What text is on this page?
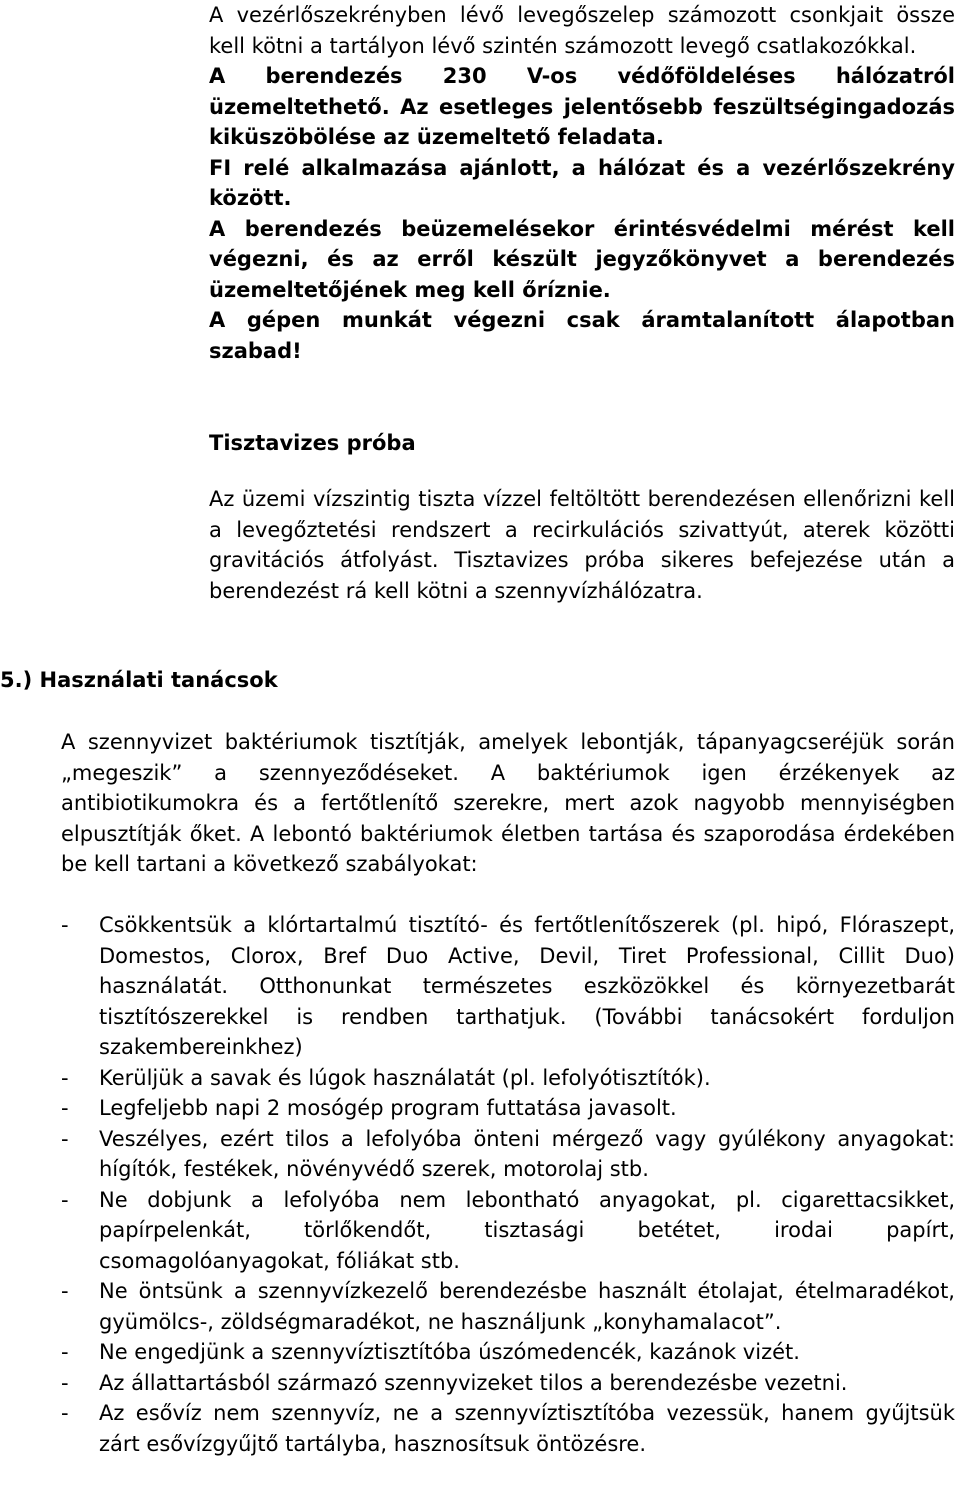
A vezérlőszekrényben lévő levegőszelep számozott csonkjait össze kell kötni a tartályon lévő szintén számozott levegő csatlakozókkal.

A berendezés 230 V-os védőföldeléses hálózatról üzemeltethető. Az esetleges jelentősebb feszültségingadozás kiküszöbölése az üzemeltető feladata.

FI relé alkalmazása ajánlott, a hálózat és a vezérlőszekrény között.

A berendezés beüzemelésekor érintésvédelmi mérést kell végezni, és az erről készült jegyzőkönyvet a berendezés üzemeltetőjének meg kell őríznie.

A gépen munkát végezni csak áramtalanított álapotban szabad!

Tisztavizes próba

Az üzemi vízszintig tiszta vízzel feltöltött berendezésen ellenőrizni kell a levegőztetési rendszert a recirkulációs szivattyút, aterek közötti gravitációs átfolyást. Tisztavizes próba sikeres befejezése után a berendezést rá kell kötni a szennyvízhálózatra.

5.) Használati tanácsok

A szennyvizet baktériumok tisztítják, amelyek lebontják, tápanyagcseréjük során „megeszik” a szennyeződéseket. A baktériumok igen érzékenyek az antibiotikumokra és a fertőtlenítő szerekre, mert azok nagyobb mennyiségben elpusztítják őket. A lebontó baktériumok életben tartása és szaporodása érdekében be kell tartani a következő szabályokat:

- Csökkentsük a klórtartalmú tisztító- és fertőtlenítőszerek (pl. hipó, Flóraszept, Domestos, Clorox, Bref Duo Active, Devil, Tiret Professional, Cillit Duo) használatát. Otthonunkat természetes eszközökkel és környezetbarát tisztítószerekkel is rendben tarthatjuk. (További tanácsokért forduljon szakembereinkhez)
- Kerüljük a savak és lúgok használatát (pl. lefolyótisztítók).
- Legfeljebb napi 2 mosógép program futtatása javasolt.
- Veszélyes, ezért tilos a lefolyóba önteni mérgező vagy gyúlékony anyagokat: hígítók, festékek, növényvédő szerek, motorolaj stb.
- Ne dobjunk a lefolyóba nem lebontható anyagokat, pl. cigarettacsikket, papírpelenkát, törlőkendőt, tisztasági betétet, irodai papírt, csomagolóanyagokat, fóliákat stb.
- Ne öntsünk a szennyvízkezelő berendezésbe használt étolajat, ételmaradékot, gyümölcs-, zöldségmaradékot, ne használjunk „konyhamalacot”.
- Ne engedjünk a szennyvíztisztítóba úszómedencék, kazánok vizét.
- Az állattartásból származó szennyvizeket tilos a berendezésbe vezetni.
- Az esővíz nem szennyvíz, ne a szennyvíztisztítóba vezessük, hanem gyűjtsük zárt esővízgyűjtő tartályba, hasznosítsuk öntözésre.
